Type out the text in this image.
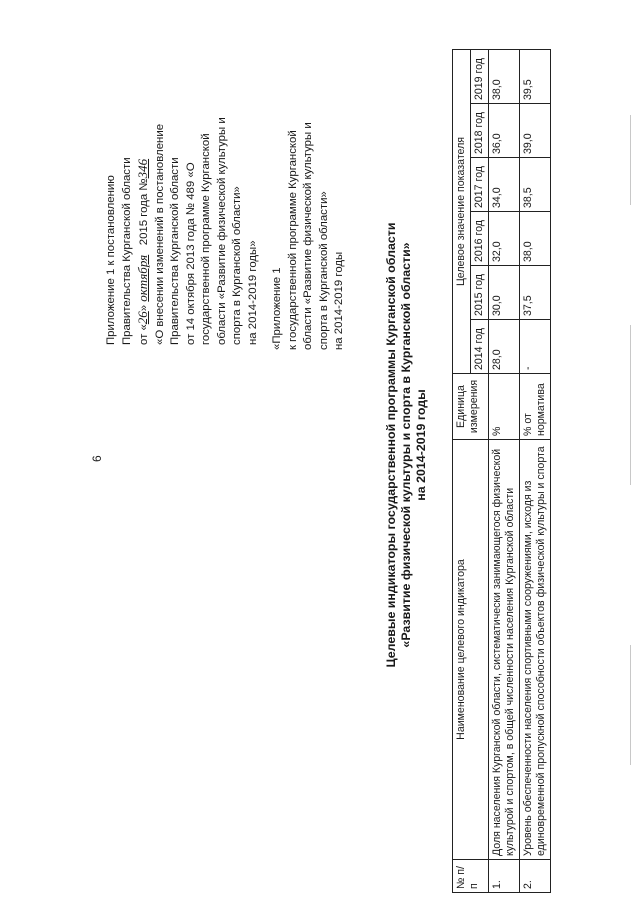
6
Приложение 1 к постановлению Правительства Курганской области от «26» октября   2015 года №346 «О внесении изменений в постановление Правительства Курганской области от 14 октября 2013 года № 489 «О государственной программе Курганской области «Развитие физической культуры и спорта в Курганской области» на 2014-2019 годы» «Приложение 1 к государственной программе Курганской области «Развитие физической культуры и спорта в Курганской области» на 2014-2019 годы	Целевые индикаторы государственной программы Курганской области «Развитие физической культуры и спорта в Курганской области» на 2014-2019 годы
№ п/п	Наименование целевого индикатора	Единица измерения	Целевое значение показателя					
			2014 год	2015 год	2016 год	2017 год	2018 год	2019 год
1.	Доля населения Курганской области, систематически занимающегося физической культурой и спортом, в общей численности населения Курганской области	%	28,0	30,0	32,0	34,0	36,0	38,0
2.	Уровень обеспеченности населения спортивными сооружениями, исходя из единовременной пропускной способности объектов физической культуры и спорта	% от норматива	-	37,5	38,0	38,5	39,0	39,5
